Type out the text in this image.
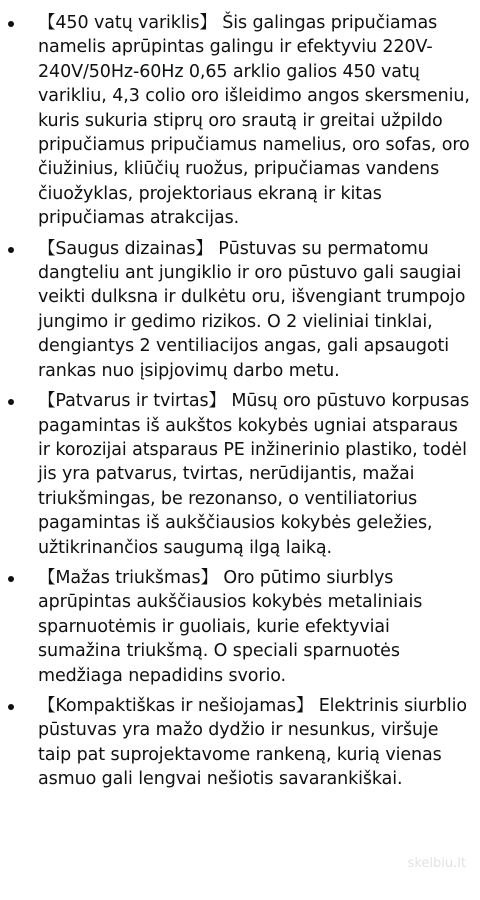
【450 vatų variklis】 Šis galingas pripučiamas namelis aprūpintas galingu ir efektyviu 220V-240V/50Hz-60Hz 0,65 arklio galios 450 vatų varikliu, 4,3 colio oro išleidimo angos skersmeniu, kuris sukuria stiprų oro srautą ir greitai užpildo pripučiamus pripučiamus namelius, oro sofas, oro čiužinius, kliūčių ruožus, pripučiamas vandens čiuožyklas, projektoriaus ekraną ir kitas pripučiamas atrakcijas.
【Saugus dizainas】 Pūstuvas su permatomu dangteliu ant jungiklio ir oro pūstuvo gali saugiai veikti dulksna ir dulkėtu oru, išvengiant trumpojo jungimo ir gedimo rizikos. O 2 vieliniai tinklai, dengiantys 2 ventiliacijos angas, gali apsaugoti rankas nuo įsipjovimų darbo metu.
【Patvarus ir tvirtas】 Mūsų oro pūstuvo korpusas pagamintas iš aukštos kokybės ugniai atsparaus ir korozijai atsparaus PE inžinerinio plastiko, todėl jis yra patvarus, tvirtas, nerūdijantis, mažai triukšmingas, be rezonanso, o ventiliatorius pagamintas iš aukščiausios kokybės geležies, užtikrinančios saugumą ilgą laiką.
【Mažas triukšmas】 Oro pūtimo siurblys aprūpintas aukščiausios kokybės metaliniais sparnuotėmis ir guoliais, kurie efektyviai sumažina triukšmą. O speciali sparnuotės medžiaga nepadidins svorio.
【Kompaktiškas ir nešiojamas】 Elektrinis siurblio pūstuvas yra mažo dydžio ir nesunkus, viršuje taip pat suprojektavome rankeną, kurią vienas asmuo gali lengvai nešiotis savarankiškai.
skelbiu.lt
